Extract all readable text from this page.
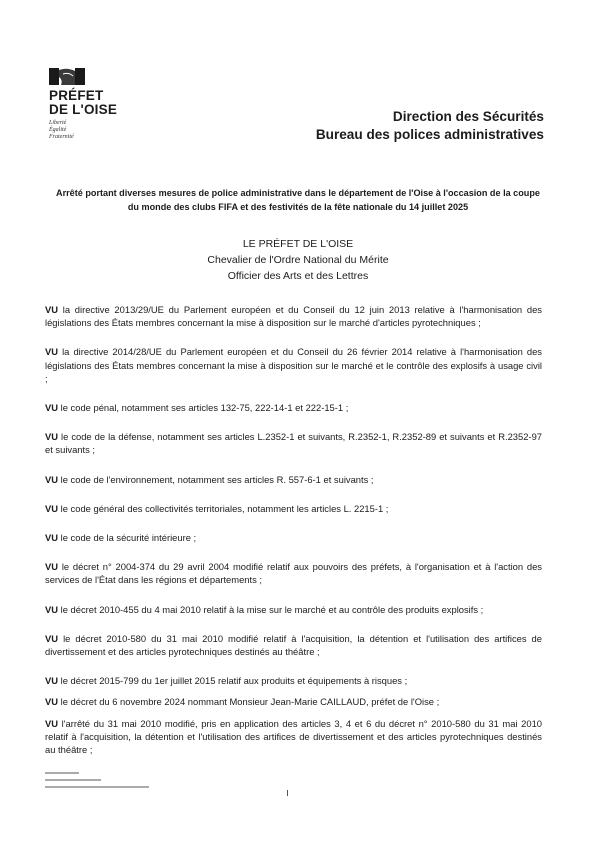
PRÉFET
DE L'OISE
Liberté
Égalité
Fraternité
Direction des Sécurités
Bureau des polices administratives
Arrêté portant diverses mesures de police administrative dans le département de l'Oise à l'occasion de la coupe du monde des clubs FIFA et des festivités de la fête nationale du 14 juillet 2025
LE PRÉFET DE L'OISE
Chevalier de l'Ordre National du Mérite
Officier des Arts et des Lettres

VU la directive 2013/29/UE du Parlement européen et du Conseil du 12 juin 2013 relative à l'harmonisation des législations des États membres concernant la mise à disposition sur le marché d'articles pyrotechniques ;

VU la directive 2014/28/UE du Parlement européen et du Conseil du 26 février 2014 relative à l'harmonisation des législations des États membres concernant la mise à disposition sur le marché et le contrôle des explosifs à usage civil ;

VU le code pénal, notamment ses articles 132-75, 222-14-1 et 222-15-1 ;

VU le code de la défense, notamment ses articles L.2352-1 et suivants, R.2352-1, R.2352-89 et suivants et R.2352-97 et suivants ;

VU le code de l'environnement, notamment ses articles R. 557-6-1 et suivants ;

VU le code général des collectivités territoriales, notamment les articles L. 2215-1 ;

VU le code de la sécurité intérieure ;

VU le décret n° 2004-374 du 29 avril 2004 modifié relatif aux pouvoirs des préfets, à l'organisation et à l'action des services de l'État dans les régions et départements ;

VU le décret 2010-455 du 4 mai 2010 relatif à la mise sur le marché et au contrôle des produits explosifs ;

VU le décret 2010-580 du 31 mai 2010 modifié relatif à l'acquisition, la détention et l'utilisation des artifices de divertissement et des articles pyrotechniques destinés au théâtre ;

VU le décret 2015-799 du 1er juillet 2015 relatif aux produits et équipements à risques ;

VU le décret du 6 novembre 2024 nommant Monsieur Jean-Marie CAILLAUD, préfet de l'Oise ;

VU l'arrêté du 31 mai 2010 modifié, pris en application des articles 3, 4 et 6 du décret n° 2010-580 du 31 mai 2010 relatif à l'acquisition, la détention et l'utilisation des artifices de divertissement et des articles pyrotechniques destinés au théâtre ;
